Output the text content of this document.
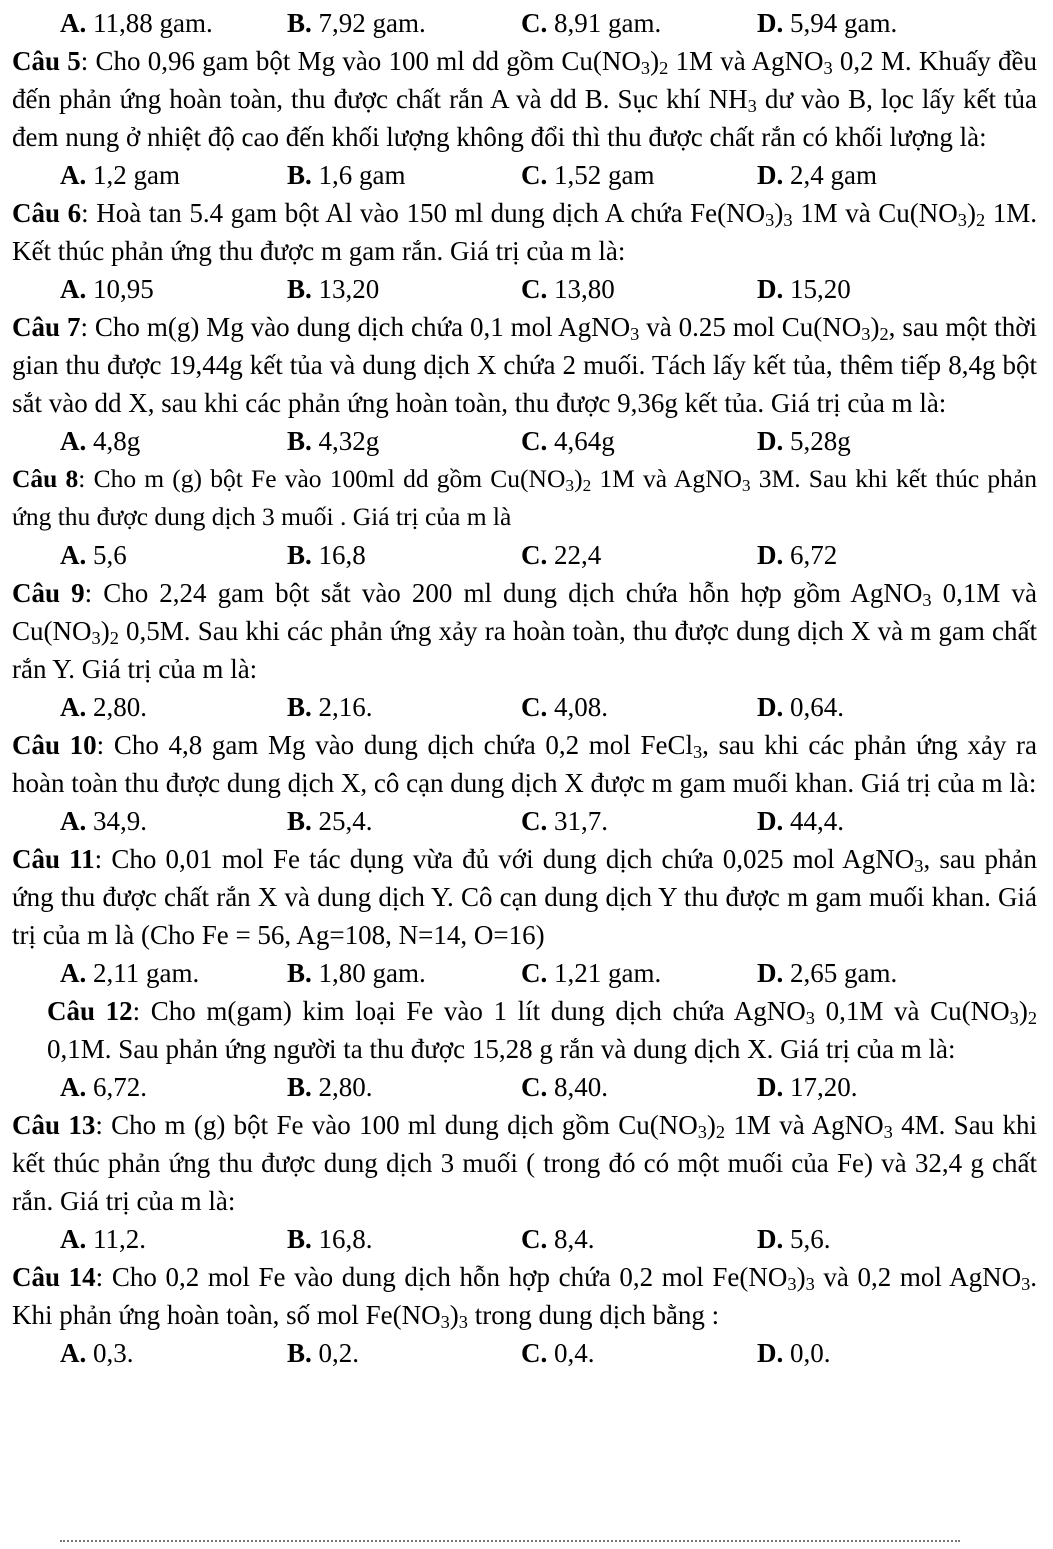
A. 11,88 gam.	B. 7,92 gam.	C. 8,91 gam.	D. 5,94 gam.

Câu 5: Cho 0,96 gam bột Mg vào 100 ml dd gồm $Cu(NO_3)_2$ 1M và AgNO$_3$ 0,2 M. Khuấy đều đến phản ứng hoàn toàn, thu được chất rắn A và dd B. Sục khí $NH_3$ dư vào B, lọc lấy kết tủa đem nung ở nhiệt độ cao đến khối lượng không đổi thì thu được chất rắn có khối lượng là:

A. 1,2 gam	B. 1,6 gam	C. 1,52 gam	D. 2,4 gam

Câu 6: Hoà tan 5.4 gam bột Al vào 150 ml dung dịch A chứa $Fe(NO_3)_3$ 1M và $Cu(NO_3)_2$ 1M. Kết thúc phản ứng thu được m gam rắn. Giá trị của m là:

A. 10,95	B. 13,20	C. 13,80	D. 15,20

Câu 7: Cho m(g) Mg vào dung dịch chứa 0,1 mol AgNO$_3$ và 0.25 mol $Cu(NO_3)_2$, sau một thời gian thu được 19,44g kết tủa và dung dịch X chứa 2 muối. Tách lấy kết tủa, thêm tiếp 8,4g bột sắt vào dd X, sau khi các phản ứng hoàn toàn, thu được 9,36g kết tủa. Giá trị của m là:

A. 4,8g	B. 4,32g	C. 4,64g	D. 5,28g

Câu 8: Cho m (g) bột Fe vào 100ml dd gồm $Cu(NO_3)_2$ 1M và AgNO$_3$ 3M. Sau khi kết thúc phản ứng thu được dung dịch 3 muối . Giá trị của m là

A. 5,6	B. 16,8	C. 22,4	D. 6,72

Câu 9: Cho 2,24 gam bột sắt vào 200 ml dung dịch chứa hỗn hợp gồm AgNO$_3$ 0,1M và $Cu(NO_3)_2$ 0,5M. Sau khi các phản ứng xảy ra hoàn toàn, thu được dung dịch X và m gam chất rắn Y. Giá trị của m là:

A. 2,80.	B. 2,16.	C. 4,08.	D. 0,64.

Câu 10: Cho 4,8 gam Mg vào dung dịch chứa 0,2 mol FeCl$_3$, sau khi các phản ứng xảy ra hoàn toàn thu được dung dịch X, cô cạn dung dịch X được m gam muối khan. Giá trị của m là:

A. 34,9.	B. 25,4.	C. 31,7.	D. 44,4.

Câu 11: Cho 0,01 mol Fe tác dụng vừa đủ với dung dịch chứa 0,025 mol AgNO$_3$, sau phản ứng thu được chất rắn X và dung dịch Y. Cô cạn dung dịch Y thu được m gam muối khan. Giá trị của m là (Cho Fe = 56, Ag=108, N=14, O=16)

A. 2,11 gam.	B. 1,80 gam.	C. 1,21 gam.	D. 2,65 gam.

Câu 12: Cho m(gam) kim loại Fe vào 1 lít dung dịch chứa AgNO$_3$ 0,1M và $Cu(NO_3)_2$ 0,1M. Sau phản ứng người ta thu được 15,28 g rắn và dung dịch X. Giá trị của m là:

A. 6,72.	B. 2,80.	C. 8,40.	D. 17,20.

Câu 13: Cho m (g) bột Fe vào 100 ml dung dịch gồm $Cu(NO_3)_2$ 1M và AgNO$_3$ 4M. Sau khi kết thúc phản ứng thu được dung dịch 3 muối ( trong đó có một muối của Fe) và 32,4 g chất rắn. Giá trị của m là:

A. 11,2.	B. 16,8.	C. 8,4.	D. 5,6.

Câu 14: Cho 0,2 mol Fe vào dung dịch hỗn hợp chứa 0,2 mol $Fe(NO_3)_3$ và 0,2 mol AgNO$_3$. Khi phản ứng hoàn toàn, số mol $Fe(NO_3)_3$ trong dung dịch bằng :

A. 0,3.	B. 0,2.	C. 0,4.	D. 0,0.
